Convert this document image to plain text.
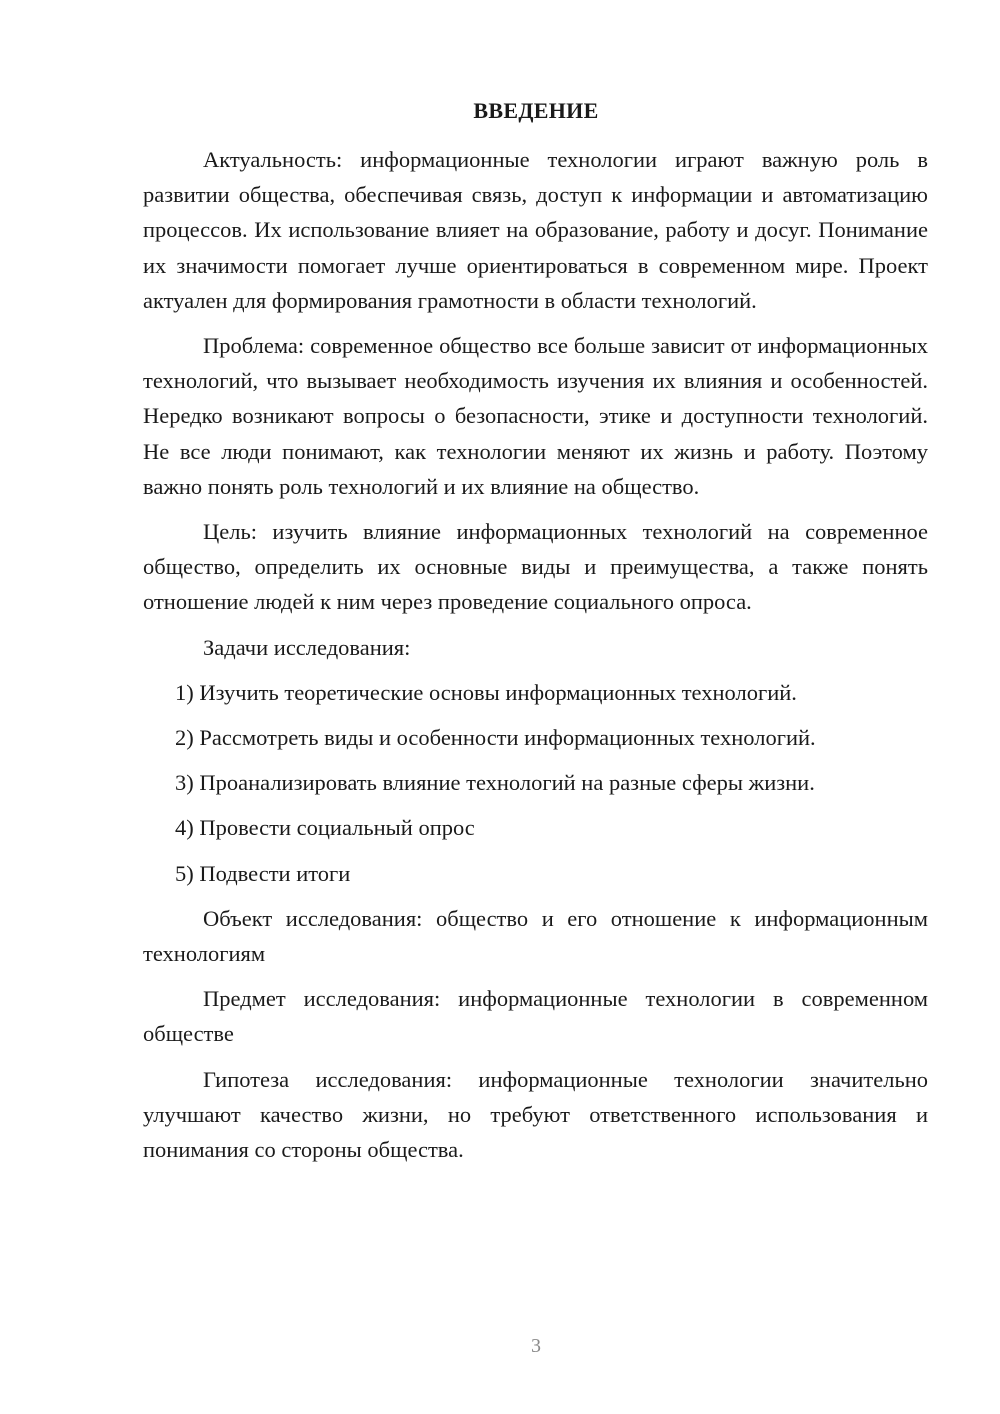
ВВЕДЕНИЕ

Актуальность: информационные технологии играют важную роль в развитии общества, обеспечивая связь, доступ к информации и автоматизацию процессов. Их использование влияет на образование, работу и досуг. Понимание их значимости помогает лучше ориентироваться в современном мире. Проект актуален для формирования грамотности в области технологий.

Проблема: современное общество все больше зависит от информационных технологий, что вызывает необходимость изучения их влияния и особенностей. Нередко возникают вопросы о безопасности, этике и доступности технологий. Не все люди понимают, как технологии меняют их жизнь и работу. Поэтому важно понять роль технологий и их влияние на общество.

Цель: изучить влияние информационных технологий на современное общество, определить их основные виды и преимущества, а также понять отношение людей к ним через проведение социального опроса.

Задачи исследования:

1) Изучить теоретические основы информационных технологий.
2) Рассмотреть виды и особенности информационных технологий.
3) Проанализировать влияние технологий на разные сферы жизни.
4) Провести социальный опрос
5) Подвести итоги

Объект исследования: общество и его отношение к информационным технологиям

Предмет исследования: информационные технологии в современном обществе

Гипотеза исследования: информационные технологии значительно улучшают качество жизни, но требуют ответственного использования и понимания со стороны общества.

3
